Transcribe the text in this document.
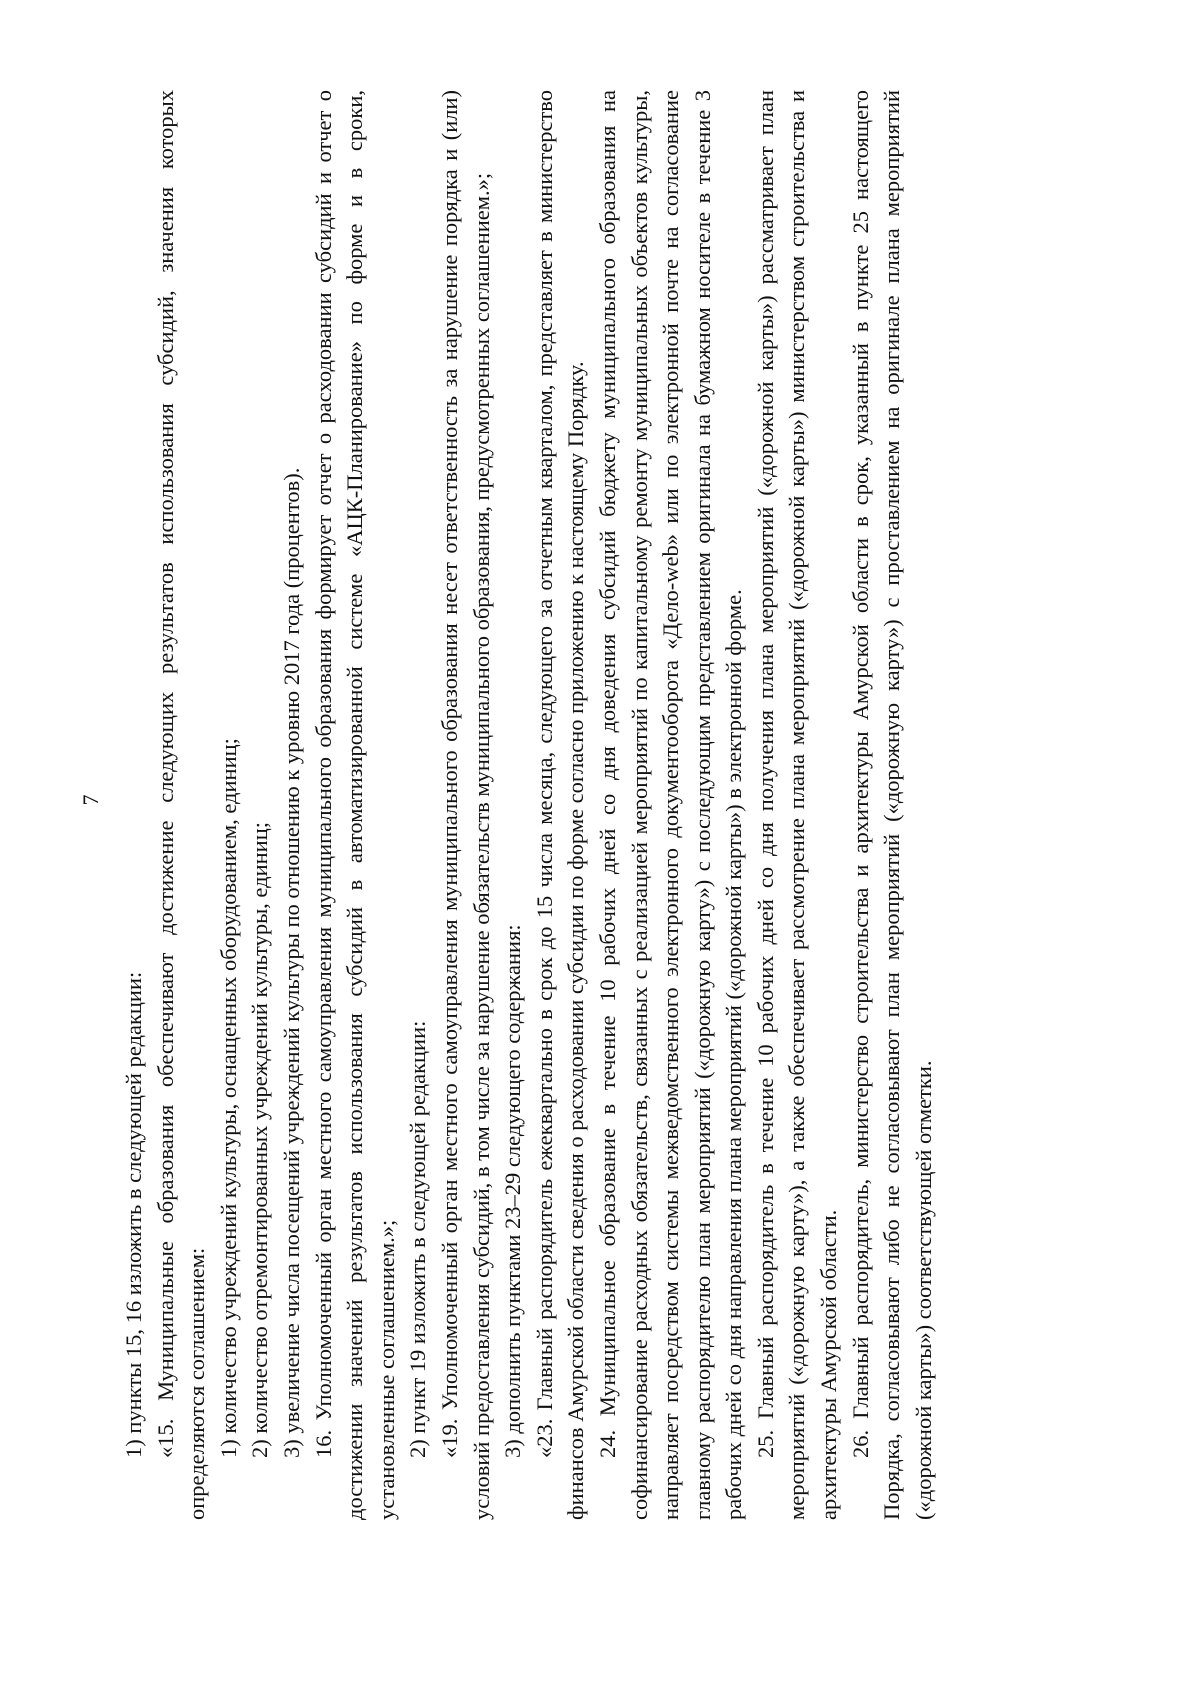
7

1) пункты 15, 16 изложить в следующей редакции: «15. Муниципальные образования обеспечивают достижение следующих результатов использования субсидий, значения которых определяются соглашением: 1) количество учреждений культуры, оснащенных оборудованием, единиц; 2) количество отремонтированных учреждений культуры, единиц; 3) увеличение числа посещений учреждений культуры по отношению к уровню 2017 года (процентов). 16. Уполномоченный орган местного самоуправления муниципального образования формирует отчет о расходовании субсидий и отчет о достижении значений результатов использования субсидий в автоматизированной системе «АЦК-Планирование» по форме и в сроки, установленные соглашением.»; 2) пункт 19 изложить в следующей редакции: «19. Уполномоченный орган местного самоуправления муниципального образования несет ответственность за нарушение порядка и (или) условий предоставления субсидий, в том числе за нарушение обязательств муниципального образования, предусмотренных соглашением.»; 3) дополнить пунктами 23–29 следующего содержания: «23. Главный распорядитель ежеквартально в срок до 15 числа месяца, следующего за отчетным кварталом, представляет в министерство финансов Амурской области сведения о расходовании субсидии по форме согласно приложению к настоящему Порядку. 24. Муниципальное образование в течение 10 рабочих дней со дня доведения субсидий бюджету муниципального образования на софинансирование расходных обязательств, связанных с реализацией мероприятий по капитальному ремонту муниципальных объектов культуры, направляет посредством системы межведомственного электронного документооборота «Дело-web» или по электронной почте на согласование главному распорядителю план мероприятий («дорожную карту») с последующим представлением оригинала на бумажном носителе в течение 3 рабочих дней со дня направления плана мероприятий («дорожной карты») в электронной форме. 25. Главный распорядитель в течение 10 рабочих дней со дня получения плана мероприятий («дорожной карты») рассматривает план мероприятий («дорожную карту»), а также обеспечивает рассмотрение плана мероприятий («дорожной карты») министерством строительства и архитектуры Амурской области. 26. Главный распорядитель, министерство строительства и архитектуры Амурской области в срок, указанный в пункте 25 настоящего Порядка, согласовывают либо не согласовывают план мероприятий («дорожную карту») с проставлением на оригинале плана мероприятий («дорожной карты») соответствующей отметки.
